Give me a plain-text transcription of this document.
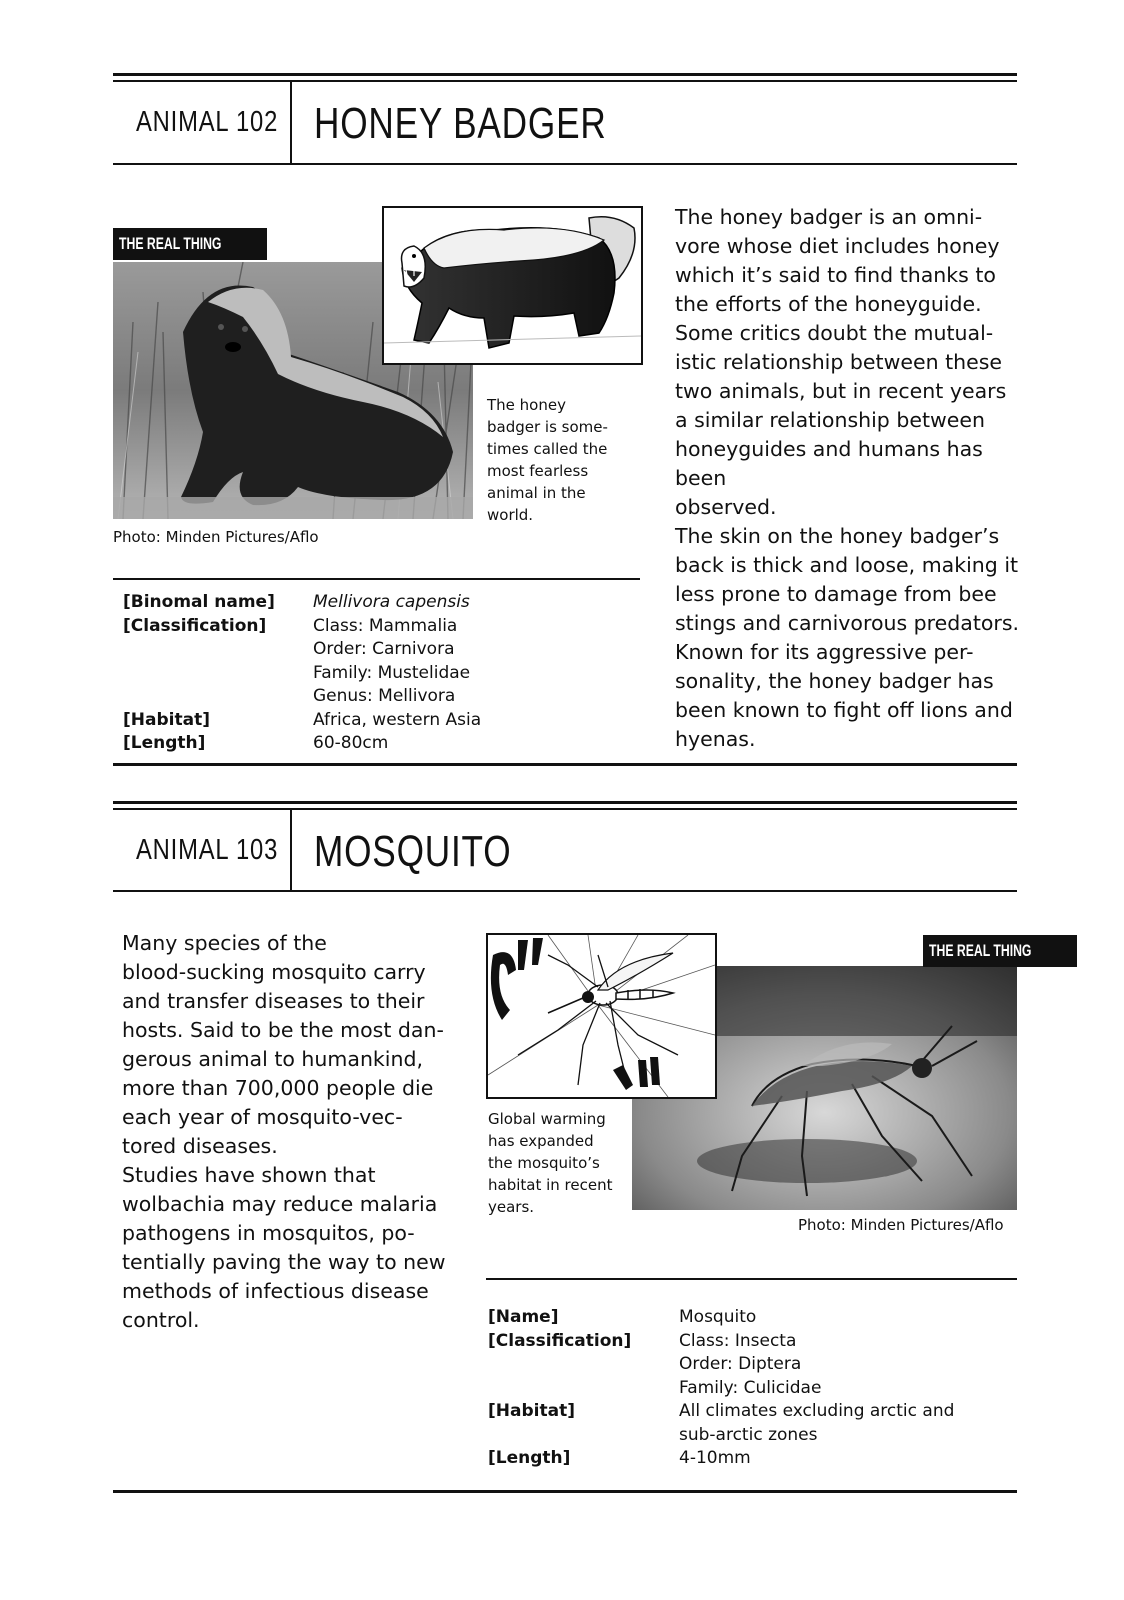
ANIMAL 102 HONEY BADGER
THE REAL THING
The honey
badger is some-
times called the
most fearless
animal in the
world.
Photo: Minden Pictures/Aflo
The honey badger is an omni-
vore whose diet includes honey
which it’s said to find thanks to
the efforts of the honeyguide.
Some critics doubt the mutual-
istic relationship between these
two animals, but in recent years
a similar relationship between
honeyguides and humans has been
observed.
The skin on the honey badger’s
back is thick and loose, making it
less prone to damage from bee
stings and carnivorous predators.
Known for its aggressive per-
sonality, the honey badger has
been known to fight off lions and
hyenas.
[Binomal name]	Mellivora capensis
[Classification]	Class: Mammalia
Order: Carnivora
Family: Mustelidae
Genus: Mellivora
[Habitat]	Africa, western Asia
[Length]	60-80cm
ANIMAL 103 MOSQUITO
Many species of the
blood-sucking mosquito carry
and transfer diseases to their
hosts. Said to be the most dan-
gerous animal to humankind,
more than 700,000 people die
each year of mosquito-vec-
tored diseases.
Studies have shown that
wolbachia may reduce malaria
pathogens in mosquitos, po-
tentially paving the way to new
methods of infectious disease
control.
THE REAL THING
Global warming
has expanded
the mosquito’s
habitat in recent
years.
Photo: Minden Pictures/Aflo
[Name]	Mosquito
[Classification]	Class: Insecta
Order: Diptera
Family: Culicidae
[Habitat]	All climates excluding arctic and
sub-arctic zones
[Length]	4-10mm
